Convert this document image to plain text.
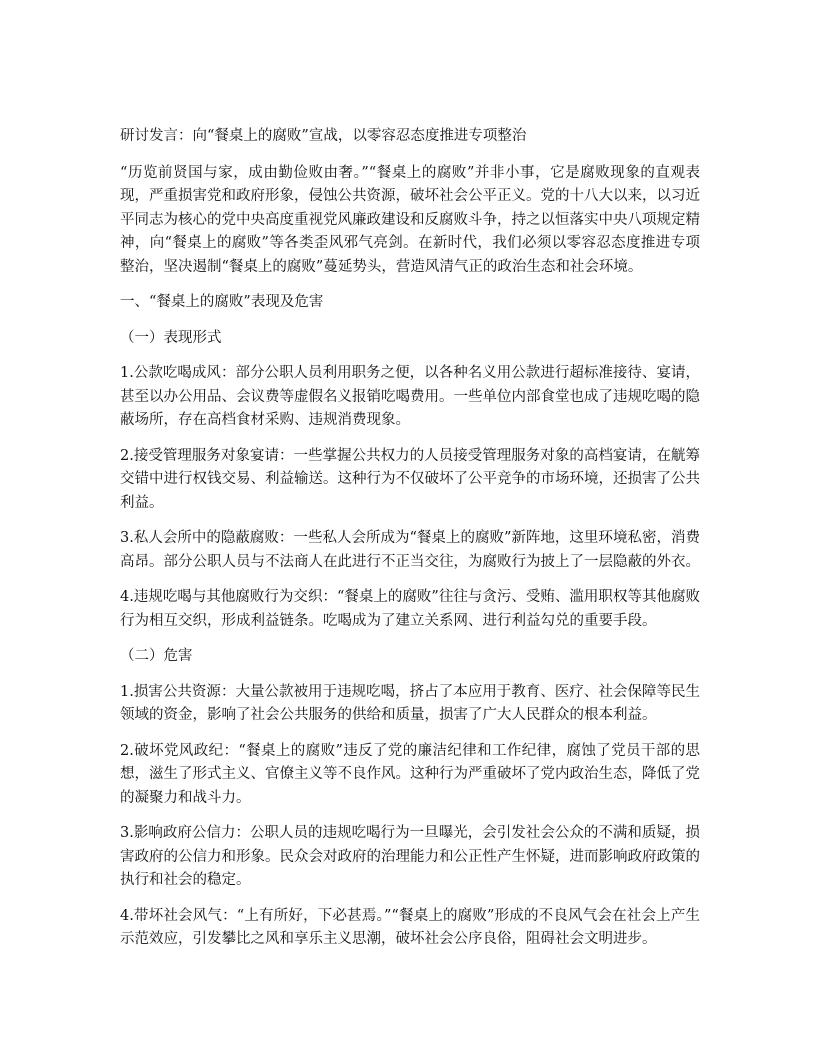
研讨发言：向“餐桌上的腐败”宣战，以零容忍态度推进专项整治

“历览前贤国与家，成由勤俭败由奢。”“餐桌上的腐败”并非小事，它是腐败现象的直观表现，严重损害党和政府形象，侵蚀公共资源，破坏社会公平正义。党的十八大以来，以习近平同志为核心的党中央高度重视党风廉政建设和反腐败斗争，持之以恒落实中央八项规定精神，向“餐桌上的腐败”等各类歪风邪气亮剑。在新时代，我们必须以零容忍态度推进专项整治，坚决遏制“餐桌上的腐败”蔓延势头，营造风清气正的政治生态和社会环境。

一、“餐桌上的腐败”表现及危害

（一）表现形式

1.公款吃喝成风：部分公职人员利用职务之便，以各种名义用公款进行超标准接待、宴请，甚至以办公用品、会议费等虚假名义报销吃喝费用。一些单位内部食堂也成了违规吃喝的隐蔽场所，存在高档食材采购、违规消费现象。

2.接受管理服务对象宴请：一些掌握公共权力的人员接受管理服务对象的高档宴请，在觥筹交错中进行权钱交易、利益输送。这种行为不仅破坏了公平竞争的市场环境，还损害了公共利益。

3.私人会所中的隐蔽腐败：一些私人会所成为“餐桌上的腐败”新阵地，这里环境私密，消费高昂。部分公职人员与不法商人在此进行不正当交往，为腐败行为披上了一层隐蔽的外衣。

4.违规吃喝与其他腐败行为交织：“餐桌上的腐败”往往与贪污、受贿、滥用职权等其他腐败行为相互交织，形成利益链条。吃喝成为了建立关系网、进行利益勾兑的重要手段。

（二）危害

1.损害公共资源：大量公款被用于违规吃喝，挤占了本应用于教育、医疗、社会保障等民生领域的资金，影响了社会公共服务的供给和质量，损害了广大人民群众的根本利益。

2.破坏党风政纪：“餐桌上的腐败”违反了党的廉洁纪律和工作纪律，腐蚀了党员干部的思想，滋生了形式主义、官僚主义等不良作风。这种行为严重破坏了党内政治生态，降低了党的凝聚力和战斗力。

3.影响政府公信力：公职人员的违规吃喝行为一旦曝光，会引发社会公众的不满和质疑，损害政府的公信力和形象。民众会对政府的治理能力和公正性产生怀疑，进而影响政府政策的执行和社会的稳定。

4.带坏社会风气：“上有所好，下必甚焉。”“餐桌上的腐败”形成的不良风气会在社会上产生示范效应，引发攀比之风和享乐主义思潮，破坏社会公序良俗，阻碍社会文明进步。
